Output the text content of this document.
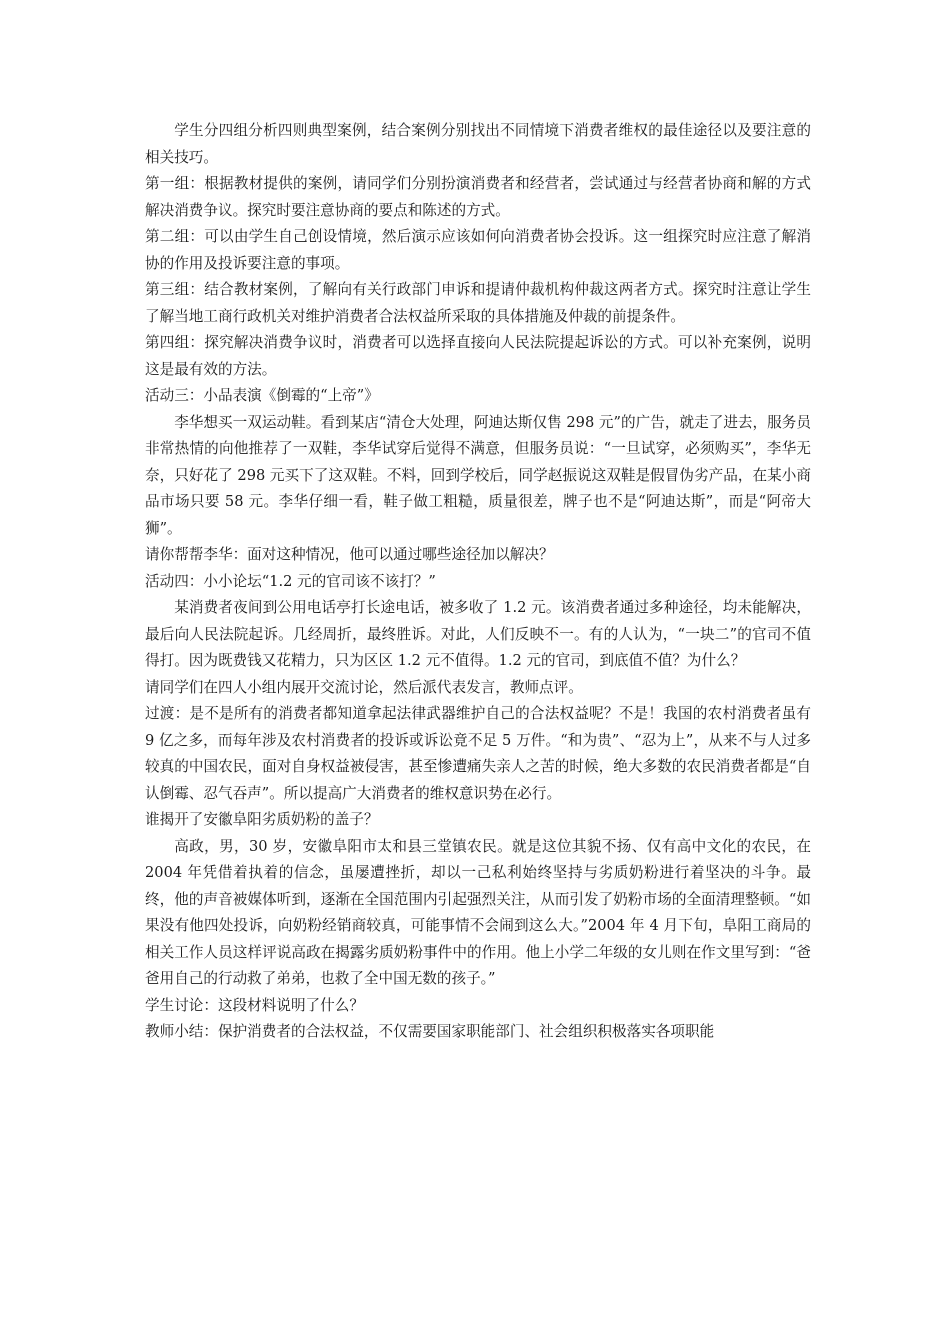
学生分四组分析四则典型案例，结合案例分别找出不同情境下消费者维权的最佳途径以及要注意的相关技巧。

第一组：根据教材提供的案例，请同学们分别扮演消费者和经营者，尝试通过与经营者协商和解的方式解决消费争议。探究时要注意协商的要点和陈述的方式。

第二组：可以由学生自己创设情境，然后演示应该如何向消费者协会投诉。这一组探究时应注意了解消协的作用及投诉要注意的事项。

第三组：结合教材案例，了解向有关行政部门申诉和提请仲裁机构仲裁这两者方式。探究时注意让学生了解当地工商行政机关对维护消费者合法权益所采取的具体措施及仲裁的前提条件。

第四组：探究解决消费争议时，消费者可以选择直接向人民法院提起诉讼的方式。可以补充案例，说明这是最有效的方法。

活动三：小品表演《倒霉的“上帝”》

李华想买一双运动鞋。看到某店“清仓大处理，阿迪达斯仅售 298 元”的广告，就走了进去，服务员非常热情的向他推荐了一双鞋，李华试穿后觉得不满意，但服务员说：“一旦试穿，必须购买”，李华无奈，只好花了 298 元买下了这双鞋。不料，回到学校后，同学赵振说这双鞋是假冒伪劣产品，在某小商品市场只要 58 元。李华仔细一看，鞋子做工粗糙，质量很差，牌子也不是“阿迪达斯”，而是“阿帝大狮”。

请你帮帮李华：面对这种情况，他可以通过哪些途径加以解决？

活动四：小小论坛“1.2 元的官司该不该打？”

某消费者夜间到公用电话亭打长途电话，被多收了 1.2 元。该消费者通过多种途径，均未能解决，最后向人民法院起诉。几经周折，最终胜诉。对此，人们反映不一。有的人认为，“一块二”的官司不值得打。因为既费钱又花精力，只为区区 1.2 元不值得。1.2 元的官司，到底值不值？为什么？

请同学们在四人小组内展开交流讨论，然后派代表发言，教师点评。

过渡：是不是所有的消费者都知道拿起法律武器维护自己的合法权益呢？不是！我国的农村消费者虽有 9 亿之多，而每年涉及农村消费者的投诉或诉讼竟不足 5 万件。“和为贵”、“忍为上”，从来不与人过多较真的中国农民，面对自身权益被侵害，甚至惨遭痛失亲人之苦的时候，绝大多数的农民消费者都是“自认倒霉、忍气吞声”。所以提高广大消费者的维权意识势在必行。

谁揭开了安徽阜阳劣质奶粉的盖子？

高政，男，30 岁，安徽阜阳市太和县三堂镇农民。就是这位其貌不扬、仅有高中文化的农民，在 2004 年凭借着执着的信念，虽屡遭挫折，却以一己私利始终坚持与劣质奶粉进行着坚决的斗争。最终，他的声音被媒体听到，逐渐在全国范围内引起强烈关注，从而引发了奶粉市场的全面清理整顿。“如果没有他四处投诉，向奶粉经销商较真，可能事情不会闹到这么大。”2004 年 4 月下旬，阜阳工商局的相关工作人员这样评说高政在揭露劣质奶粉事件中的作用。他上小学二年级的女儿则在作文里写到：“爸爸用自己的行动救了弟弟，也救了全中国无数的孩子。”

学生讨论：这段材料说明了什么？

教师小结：保护消费者的合法权益，不仅需要国家职能部门、社会组织积极落实各项职能
